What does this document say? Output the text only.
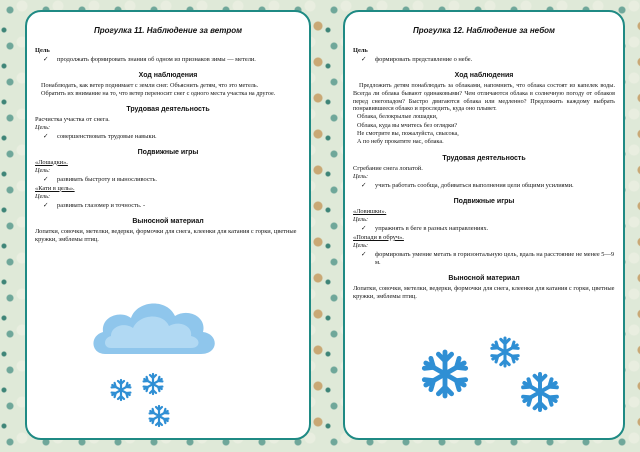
Прогулка 11. Наблюдение за ветром

Цель

✓	продолжать формировать знания об одном из признаков зимы — метели.

Ход наблюдения

Понаблюдать, как ветер поднимает с земли снег. Объяснить детям, что это метель.

Обратить их внимание на то, что ветер переносит снег с одного места участка на другое.

Трудовая деятельность

Расчистка участка от снега.

Цель:

✓	совершенствовать трудовые навыки.

Подвижные игры

«Лошадки».

Цель:

✓	развивать быстроту и выносливость.

«Кати в цель».

Цель:

✓	развивать глазомер и точность. -

Выносной материал

Лопатки, совочки, метелки, ведерки, формочки для снега, клеенки для катания с горки, цветные кружки, эмблемы птиц.

Прогулка 12. Наблюдение за небом

Цель

✓	формировать представление о небе.

Ход наблюдения

Предложить детям понаблюдать за облаками, напомнить, что облака состоят из капелек воды. Всегда ли облака бывают одинаковыми? Чем отличаются облака в солнечную погоду от облаков перед снегопадом? Быстро двигаются облака или медленно? Предложить каждому выбрать понравившееся облако и проследить, куда оно плывет.

Облака, белокрылые лошадки,

Облака, куда вы мчитесь без оглядки?

Не смотрите вы, пожалуйста, свысока,

А по небу прокатите нас, облака.

Трудовая деятельность

Сгребание снега лопатой.

Цель:

✓	учить работать сообща, добиваться выполнения цели общими усилиями.

Подвижные игры

«Ловишки».

Цель:

✓	упражнять в беге в разных направлениях.

«Попади в обруч».

Цель:

✓	формировать умение метать в горизонтальную цель, вдаль на расстояние не менее 5—9 м.

Выносной материал

Лопатки, совочки, метелки, ведерки, формочки для снега, клеенки для катания с горки, цветные кружки, эмблемы птиц.
